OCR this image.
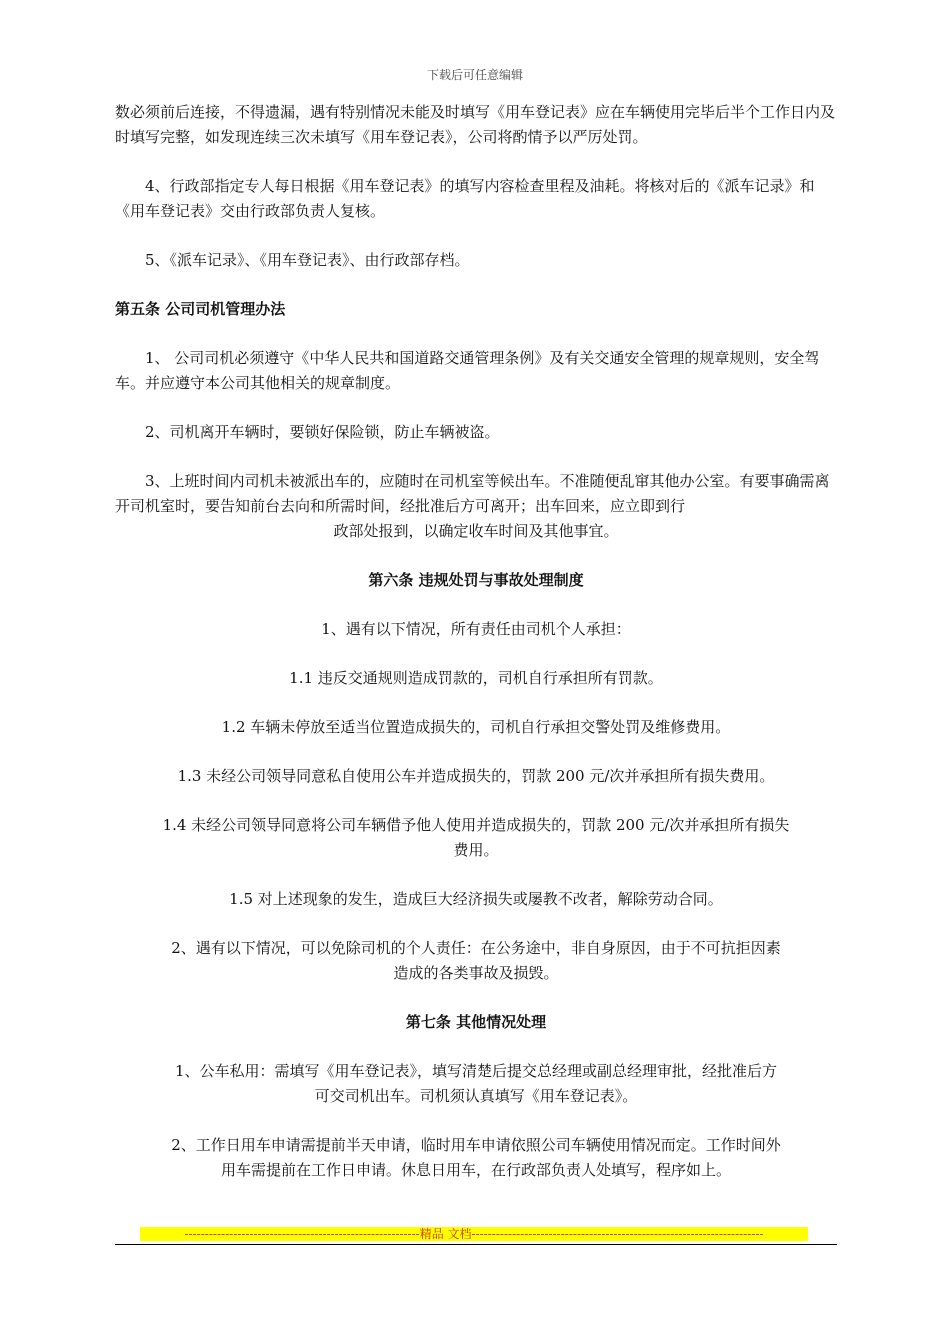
下载后可任意编辑

数必须前后连接，不得遗漏，遇有特别情况未能及时填写《用车登记表》应在车辆使用完毕后半个工作日内及时填写完整，如发现连续三次未填写《用车登记表》，公司将酌情予以严厉处罚。

4、行政部指定专人每日根据《用车登记表》的填写内容检查里程及油耗。将核对后的《派车记录》和《用车登记表》交由行政部负责人复核。

5、《派车记录》、《用车登记表》、由行政部存档。

第五条 公司司机管理办法

1、 公司司机必须遵守《中华人民共和国道路交通管理条例》及有关交通安全管理的规章规则，安全驾车。并应遵守本公司其他相关的规章制度。

2、司机离开车辆时，要锁好保险锁，防止车辆被盗。

3、上班时间内司机未被派出车的，应随时在司机室等候出车。不准随便乱窜其他办公室。有要事确需离开司机室时，要告知前台去向和所需时间，经批准后方可离开；出车回来，应立即到行
政部处报到，以确定收车时间及其他事宜。

第六条 违规处罚与事故处理制度

1、遇有以下情况，所有责任由司机个人承担：

1.1 违反交通规则造成罚款的，司机自行承担所有罚款。

1.2 车辆未停放至适当位置造成损失的，司机自行承担交警处罚及维修费用。

1.3 未经公司领导同意私自使用公车并造成损失的，罚款 200 元/次并承担所有损失费用。

1.4 未经公司领导同意将公司车辆借予他人使用并造成损失的，罚款 200 元/次并承担所有损失
费用。

1.5 对上述现象的发生，造成巨大经济损失或屡教不改者，解除劳动合同。

2、遇有以下情况，可以免除司机的个人责任：在公务途中，非自身原因，由于不可抗拒因素
造成的各类事故及损毁。

第七条 其他情况处理

1、公车私用：需填写《用车登记表》，填写清楚后提交总经理或副总经理审批，经批准后方
可交司机出车。司机须认真填写《用车登记表》。
2、工作日用车申请需提前半天申请，临时用车申请依照公司车辆使用情况而定。工作时间外
用车需提前在工作日申请。休息日用车，在行政部负责人处填写，程序如上。
----------------------------------------------------------精品 文档------------------------------------------------------------------------
